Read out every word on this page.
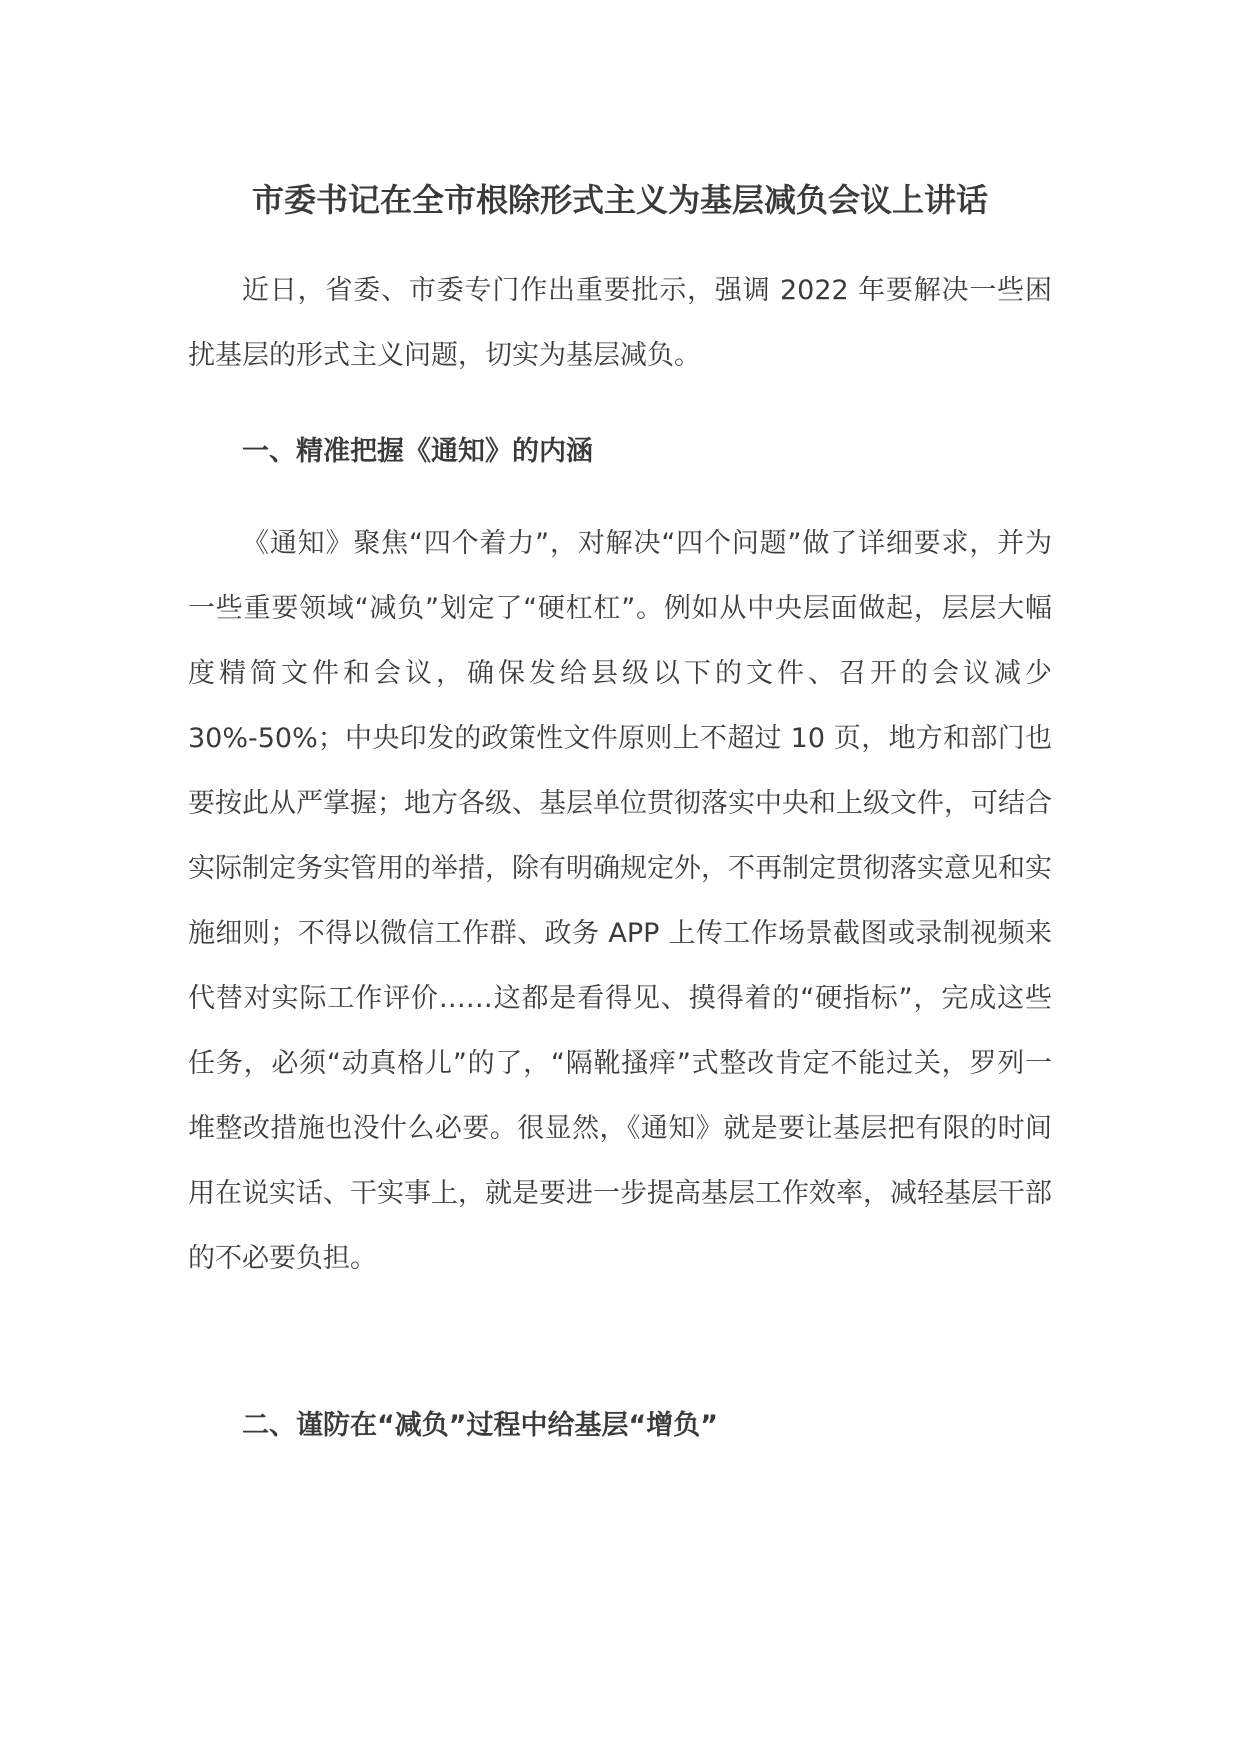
市委书记在全市根除形式主义为基层减负会议上讲话

近日，省委、市委专门作出重要批示，强调 2022 年要解决一些困扰基层的形式主义问题，切实为基层减负。

一、精准把握《通知》的内涵

《通知》聚焦“四个着力”，对解决“四个问题”做了详细要求，并为一些重要领域“减负”划定了“硬杠杠”。例如从中央层面做起，层层大幅度精简文件和会议，确保发给县级以下的文件、召开的会议减少 30%-50%；中央印发的政策性文件原则上不超过 10 页，地方和部门也要按此从严掌握；地方各级、基层单位贯彻落实中央和上级文件，可结合实际制定务实管用的举措，除有明确规定外，不再制定贯彻落实意见和实施细则；不得以微信工作群、政务 APP 上传工作场景截图或录制视频来代替对实际工作评价……这都是看得见、摸得着的“硬指标”，完成这些任务，必须“动真格儿”的了，“隔靴搔痒”式整改肯定不能过关，罗列一堆整改措施也没什么必要。很显然，《通知》就是要让基层把有限的时间用在说实话、干实事上，就是要进一步提高基层工作效率，减轻基层干部的不必要负担。

二、谨防在“减负”过程中给基层“增负”
